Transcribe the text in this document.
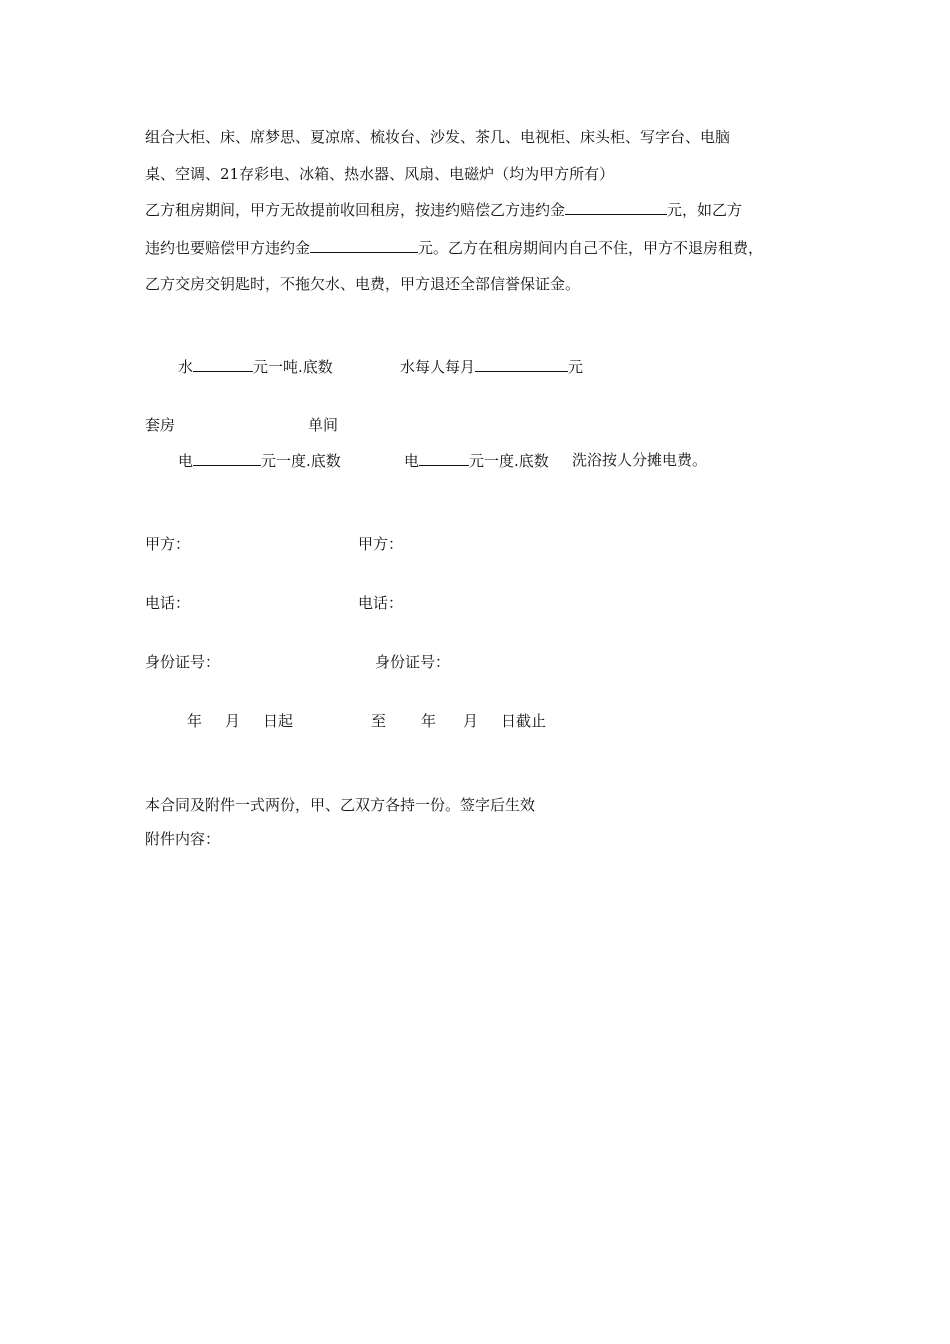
组合大柜、床、席梦思、夏凉席、梳妆台、沙发、茶几、电视柜、床头柜、写字台、电脑
桌、空调、21存彩电、冰箱、热水器、风扇、电磁炉（均为甲方所有）
乙方租房期间，甲方无故提前收回租房，按违约赔偿乙方违约金	元，如乙方
违约也要赔偿甲方违约金	元。乙方在租房期间内自己不住，甲方不退房租费，
乙方交房交钥匙时，不拖欠水、电费，甲方退还全部信誉保证金。
水	元一吨.底数	水每人每月	元
套房	单间
电	元一度.底数	电	元一度.底数 洗浴按人分摊电费。
甲方：	甲方：
电话：	电话：
身份证号：	身份证号：
年 月 日起	至 年 月 日截止
本合同及附件一式两份，甲、乙双方各持一份。签字后生效
附件内容：
